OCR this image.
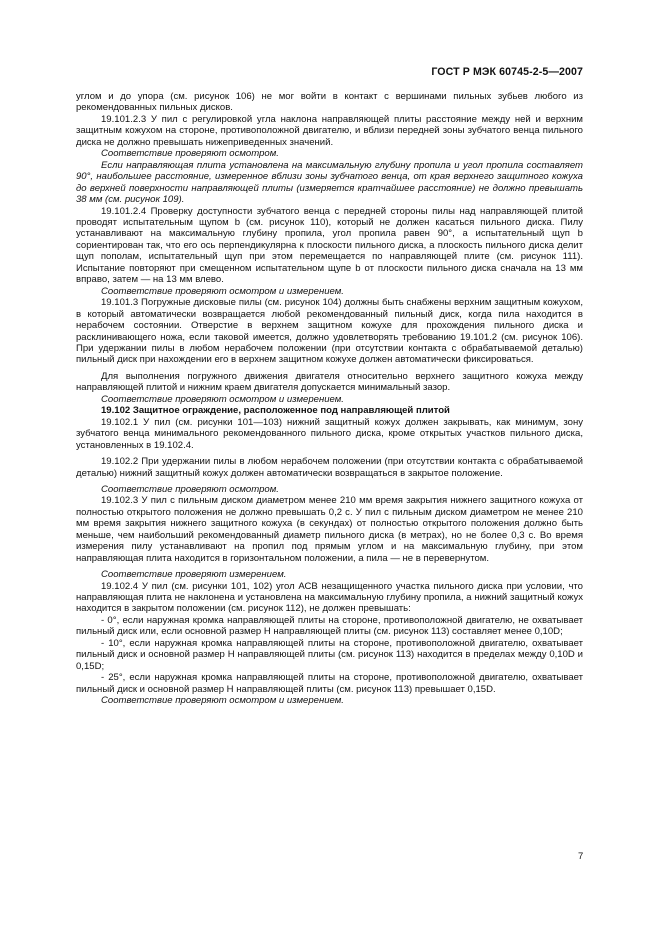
ГОСТ Р МЭК 60745-2-5—2007

углом и до упора (см. рисунок 106) не мог войти в контакт с вершинами пильных зубьев любого из рекомендованных пильных дисков.

19.101.2.3 У пил с регулировкой угла наклона направляющей плиты расстояние между ней и верхним защитным кожухом на стороне, противоположной двигателю, и вблизи передней зоны зубчатого венца пильного диска не должно превышать нижеприведенных значений.

Соответствие проверяют осмотром.

Если направляющая плита установлена на максимальную глубину пропила и угол пропила составляет 90°, наибольшее расстояние, измеренное вблизи зоны зубчатого венца, от края верхнего защитного кожуха до верхней поверхности направляющей плиты (измеряется кратчайшее расстояние) не должно превышать 38 мм (см. рисунок 109).

19.101.2.4 Проверку доступности зубчатого венца с передней стороны пилы над направляющей плитой проводят испытательным щупом b (см. рисунок 110), который не должен касаться пильного диска. Пилу устанавливают на максимальную глубину пропила, угол пропила равен 90°, а испытательный щуп b сориентирован так, что его ось перпендикулярна к плоскости пильного диска, а плоскость пильного диска делит щуп пополам, испытательный щуп при этом перемещается по направляющей плите (см. рисунок 111). Испытание повторяют при смещенном испытательном щупе b от плоскости пильного диска сначала на 13 мм вправо, затем — на 13 мм влево.

Соответствие проверяют осмотром и измерением.

19.101.3 Погружные дисковые пилы (см. рисунок 104) должны быть снабжены верхним защитным кожухом, в который автоматически возвращается любой рекомендованный пильный диск, когда пила находится в нерабочем состоянии. Отверстие в верхнем защитном кожухе для прохождения пильного диска и расклинивающего ножа, если таковой имеется, должно удовлетворять требованию 19.101.2 (см. рисунок 106). При удержании пилы в любом нерабочем положении (при отсутствии контакта с обрабатываемой деталью) пильный диск при нахождении его в верхнем защитном кожухе должен автоматически фиксироваться.

Для выполнения погружного движения двигателя относительно верхнего защитного кожуха между направляющей плитой и нижним краем двигателя допускается минимальный зазор.

Соответствие проверяют осмотром и измерением.

19.102 Защитное ограждение, расположенное под направляющей плитой

19.102.1 У пил (см. рисунки 101—103) нижний защитный кожух должен закрывать, как минимум, зону зубчатого венца минимального рекомендованного пильного диска, кроме открытых участков пильного диска, установленных в 19.102.4.

19.102.2 При удержании пилы в любом нерабочем положении (при отсутствии контакта с обрабатываемой деталью) нижний защитный кожух должен автоматически возвращаться в закрытое положение.

Соответствие проверяют осмотром.

19.102.3 У пил с пильным диском диаметром менее 210 мм время закрытия нижнего защитного кожуха от полностью открытого положения не должно превышать 0,2 с. У пил с пильным диском диаметром не менее 210 мм время закрытия нижнего защитного кожуха (в секундах) от полностью открытого положения должно быть меньше, чем наибольший рекомендованный диаметр пильного диска (в метрах), но не более 0,3 с. Во время измерения пилу устанавливают на пропил под прямым углом и на максимальную глубину, при этом направляющая плита находится в горизонтальном положении, а пила — не в перевернутом.

Соответствие проверяют измерением.

19.102.4 У пил (см. рисунки 101, 102) угол АСВ незащищенного участка пильного диска при условии, что направляющая плита не наклонена и установлена на максимальную глубину пропила, а нижний защитный кожух находится в закрытом положении (см. рисунок 112), не должен превышать:

- 0°, если наружная кромка направляющей плиты на стороне, противоположной двигателю, не охватывает пильный диск или, если основной размер H направляющей плиты (см. рисунок 113) составляет менее 0,10D;

- 10°, если наружная кромка направляющей плиты на стороне, противоположной двигателю, охватывает пильный диск и основной размер H направляющей плиты (см. рисунок 113) находится в пределах между 0,10D и 0,15D;

- 25°, если наружная кромка направляющей плиты на стороне, противоположной двигателю, охватывает пильный диск и основной размер H направляющей плиты (см. рисунок 113) превышает 0,15D.

Соответствие проверяют осмотром и измерением.

7
